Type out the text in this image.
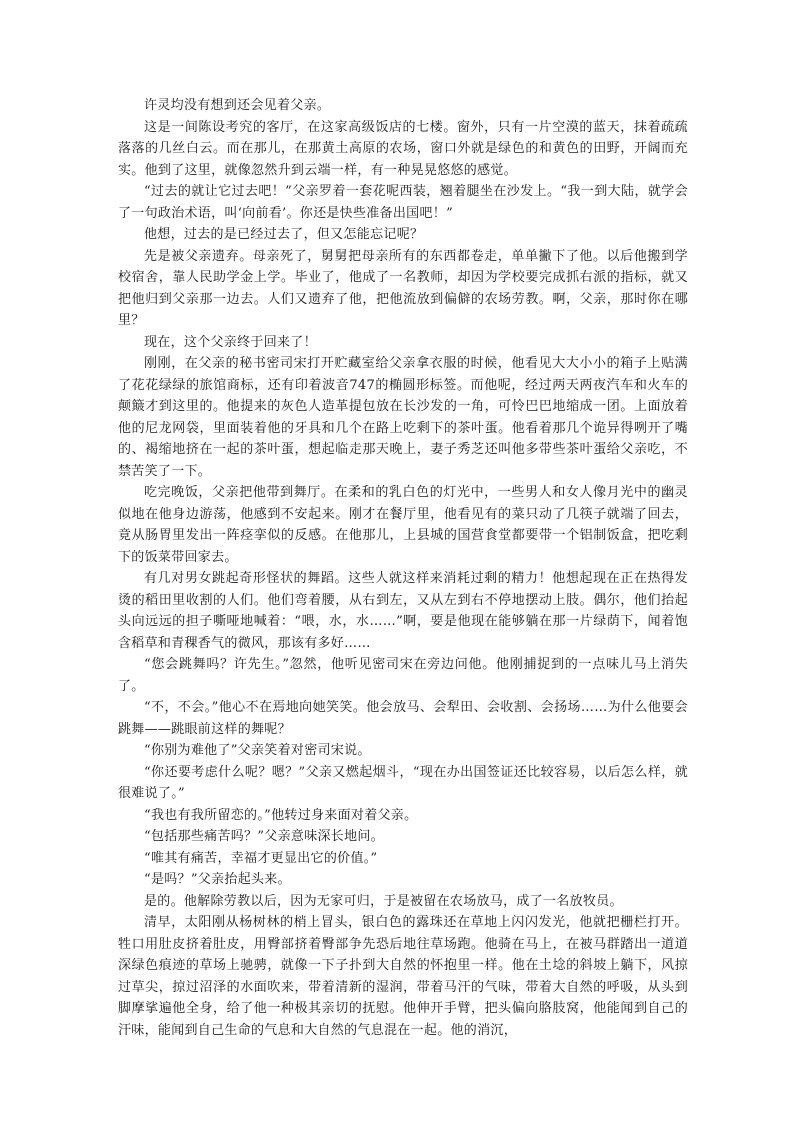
许灵均没有想到还会见着父亲。

这是一间陈设考究的客厅，在这家高级饭店的七楼。窗外，只有一片空漠的蓝天，抹着疏疏落落的几丝白云。而在那儿，在那黄土高原的农场，窗口外就是绿色的和黄色的田野，开阔而充实。他到了这里，就像忽然升到云端一样，有一种晃晃悠悠的感觉。

“过去的就让它过去吧！”父亲罗着一套花呢西装，翘着腿坐在沙发上。“我一到大陆，就学会了一句政治术语，叫‘向前看’。你还是快些准备出国吧！”

他想，过去的是已经过去了，但又怎能忘记呢？

先是被父亲遗弃。母亲死了，舅舅把母亲所有的东西都卷走，单单撇下了他。以后他搬到学校宿舍，靠人民助学金上学。毕业了，他成了一名教师，却因为学校要完成抓右派的指标，就又把他归到父亲那一边去。人们又遗弃了他，把他流放到偏僻的农场劳教。啊，父亲，那时你在哪里？

现在，这个父亲终于回来了！

刚刚，在父亲的秘书密司宋打开贮藏室给父亲拿衣服的时候，他看见大大小小的箱子上贴满了花花绿绿的旅馆商标，还有印着波音747的椭圆形标签。而他呢，经过两天两夜汽车和火车的颠簸才到这里的。他提来的灰色人造革提包放在长沙发的一角，可怜巴巴地缩成一团。上面放着他的尼龙网袋，里面装着他的牙具和几个在路上吃剩下的茶叶蛋。他看着那几个诡异得咧开了嘴的、褐缩地挤在一起的茶叶蛋，想起临走那天晚上，妻子秀芝还叫他多带些茶叶蛋给父亲吃，不禁苦笑了一下。

吃完晚饭，父亲把他带到舞厅。在柔和的乳白色的灯光中，一些男人和女人像月光中的幽灵似地在他身边游荡，他感到不安起来。刚才在餐厅里，他看见有的菜只动了几筷子就端了回去，竟从肠胃里发出一阵痉挛似的反感。在他那儿，上县城的国营食堂都要带一个铝制饭盒，把吃剩下的饭菜带回家去。

有几对男女跳起奇形怪状的舞蹈。这些人就这样来消耗过剩的精力！他想起现在正在热得发烫的稻田里收割的人们。他们弯着腰，从右到左，又从左到右不停地摆动上肢。偶尔，他们抬起头向远远的担子嘶哑地喊着：“喂，水，水……”啊，要是他现在能够躺在那一片绿荫下，闻着饱含稻草和青稞香气的微风，那该有多好……

“您会跳舞吗？许先生。”忽然，他听见密司宋在旁边问他。他刚捕捉到的一点味儿马上消失了。

“不，不会。”他心不在焉地向她笑笑。他会放马、会犁田、会收割、会扬场……为什么他要会跳舞——跳眼前这样的舞呢？

“你别为难他了”父亲笑着对密司宋说。

“你还要考虑什么呢？嗯？”父亲又燃起烟斗，“现在办出国签证还比较容易，以后怎么样，就很难说了。”

“我也有我所留恋的。”他转过身来面对着父亲。

“包括那些痛苦吗？”父亲意味深长地问。

“唯其有痛苦，幸福才更显出它的价值。”

“是吗？”父亲抬起头来。

是的。他解除劳教以后，因为无家可归，于是被留在农场放马，成了一名放牧员。

清早，太阳刚从杨树林的梢上冒头，银白色的露珠还在草地上闪闪发光，他就把栅栏打开。牲口用肚皮挤着肚皮，用臀部挤着臀部争先恐后地往草场跑。他骑在马上，在被马群踏出一道道深绿色痕迹的草场上驰骋，就像一下子扑到大自然的怀抱里一样。他在土埝的斜坡上躺下，风掠过草尖，掠过沼泽的水面吹来，带着清新的湿润，带着马汗的气味，带着大自然的呼吸，从头到脚摩挲遍他全身，给了他一种极其亲切的抚慰。他伸开手臂，把头偏向胳肢窝，他能闻到自己的汗味，能闻到自己生命的气息和大自然的气息混在一起。他的消沉，
